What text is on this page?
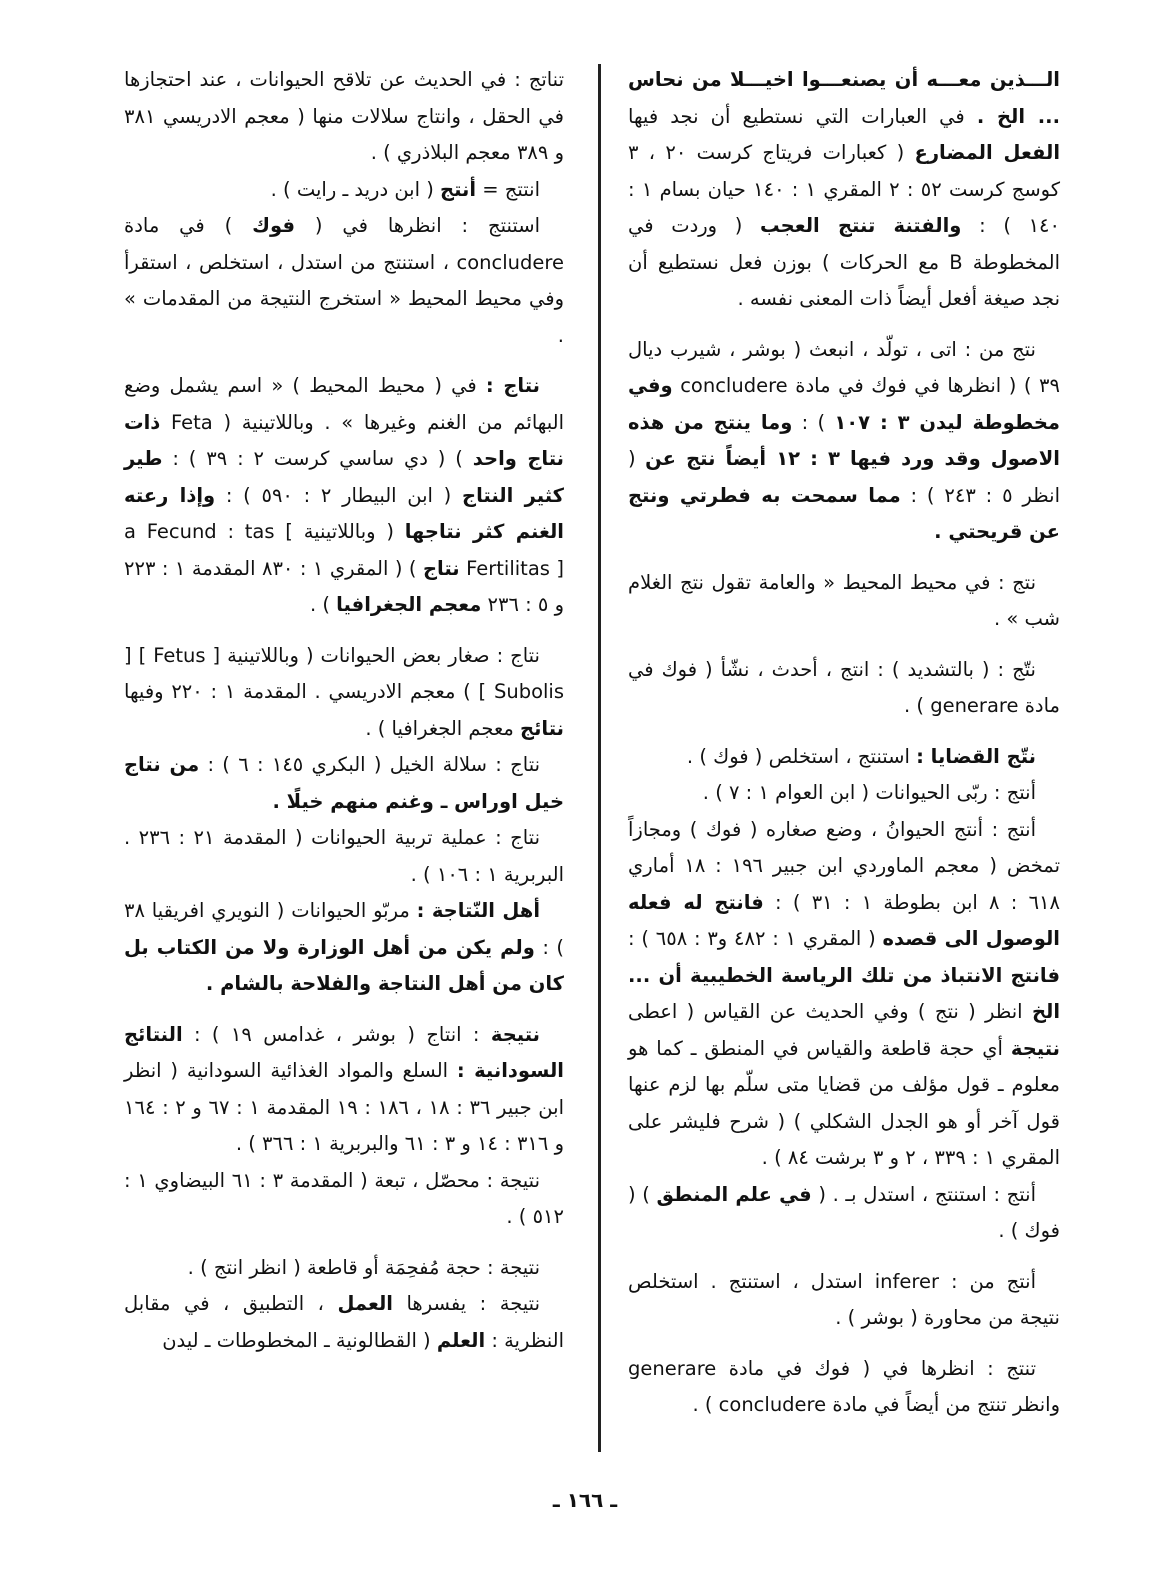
الـــذين معـــه أن يصنعـــوا اخيـــلا من نحاس ... الخ . في العبارات التي نستطيع أن نجد فيها الفعل المضارع ( كعبارات فريتاج كرست ٢٠ ، ٣ كوسج كرست ٥٢ : ٢ المقري ١ : ١٤٠ حيان بسام ١ : ١٤٠ ) : والفتنة تنتج العجب ( وردت في المخطوطة B مع الحركات ) بوزن فعل نستطيع أن نجد صيغة أفعل أيضاً ذات المعنى نفسه .

نتج من : اتى ، تولّد ، انبعث ( بوشر ، شيرب ديال ٣٩ ) ( انظرها في فوك في مادة concludere وفي مخطوطة ليدن ٣ : ١٠٧ ) : وما ينتج من هذه الاصول وقد ورد فيها ٣ : ١٢ أيضاً نتج عن ( انظر ٥ : ٢٤٣ ) : مما سمحت به فطرتي ونتج عن قريحتي .

نتج : في محيط المحيط « والعامة تقول نتج الغلام شب » .

نتّج : ( بالتشديد ) : انتج ، أحدث ، نشّأ ( فوك في مادة generare ) .

نتّج القضايا : استنتج ، استخلص ( فوك ) .

أنتج : ربّى الحيوانات ( ابن العوام ١ : ٧ ) .

أنتج : أنتج الحيوانُ ، وضع صغاره ( فوك ) ومجازاً تمخض ( معجم الماوردي ابن جبير ١٩٦ : ١٨ أماري ٦١٨ : ٨ ابن بطوطة ١ : ٣١ ) : فانتج له فعله الوصول الى قصده ( المقري ١ : ٤٨٢ و٣ : ٦٥٨ ) : فانتج الانتباذ من تلك الرياسة الخطيبية أن ... الخ انظر ( نتج ) وفي الحديث عن القياس ( اعطى نتيجة أي حجة قاطعة والقياس في المنطق ـ كما هو معلوم ـ قول مؤلف من قضايا متى سلّم بها لزم عنها قول آخر أو هو الجدل الشكلي ) ( شرح فليشر على المقري ١ : ٣٣٩ ، ٢ و ٣ برشت ٨٤ ) .

أنتج : استنتج ، استدل بـ . ( في علم المنطق ) ( فوك ) .

أنتج من : inferer استدل ، استنتج . استخلص نتيجة من محاورة ( بوشر ) .

تنتج : انظرها في ( فوك في مادة generare وانظر تنتج من أيضاً في مادة concludere ) .

تناتج : في الحديث عن تلاقح الحيوانات ، عند احتجازها في الحقل ، وانتاج سلالات منها ( معجم الادريسي ٣٨١ و ٣٨٩ معجم البلاذري ) .

انتتج = أنتج ( ابن دريد ـ رايت ) .

استنتج : انظرها في ( فوك ) في مادة concludere ، استنتج من استدل ، استخلص ، استقرأ وفي محيط المحيط « استخرج النتيجة من المقدمات » .

نتاج : في ( محيط المحيط ) « اسم يشمل وضع البهائم من الغنم وغيرها » . وباللاتينية ( Feta ذات نتاج واحد ) ( دي ساسي كرست ٢ : ٣٩ ) : طير كثير النتاج ( ابن البيطار ٢ : ٥٩٠ ) : وإذا رعته الغنم كثر نتاجها ( وباللاتينية a Fecund : tas [ Fertilitas ] نتاج ) ( المقري ١ : ٨٣٠ المقدمة ١ : ٢٢٣ و ٥ : ٢٣٦ معجم الجغرافيا ) .

نتاج : صغار بعض الحيوانات ( وباللاتينية [ Fetus ] [ Subolis ] ) معجم الادريسي . المقدمة ١ : ٢٢٠ وفيها نتائج معجم الجغرافيا ) .

نتاج : سلالة الخيل ( البكري ١٤٥ : ٦ ) : من نتاج خيل اوراس ـ وغنم منهم خيلًا .

نتاج : عملية تربية الحيوانات ( المقدمة ٢١ : ٢٣٦ . البربرية ١ : ١٠٦ ) .

أهل النّتاجة : مربّو الحيوانات ( النويري افريقيا ٣٨ ) : ولم يكن من أهل الوزارة ولا من الكتاب بل كان من أهل النتاجة والفلاحة بالشام .

نتيجة : انتاج ( بوشر ، غدامس ١٩ ) : النتائج السودانية : السلع والمواد الغذائية السودانية ( انظر ابن جبير ٣٦ : ١٨ ، ١٨٦ : ١٩ المقدمة ١ : ٦٧ و ٢ : ١٦٤ و ٣١٦ : ١٤ و ٣ : ٦١ والبربرية ١ : ٣٦٦ ) .

نتيجة : محصّل ، تبعة ( المقدمة ٣ : ٦١ البيضاوي ١ : ٥١٢ ) .

نتيجة : حجة مُفحِمَة أو قاطعة ( انظر انتج ) .

نتيجة : يفسرها العمل ، التطبيق ، في مقابل النظرية : العلم ( القطالونية ـ المخطوطات ـ ليدن

ـ ١٦٦ ـ
